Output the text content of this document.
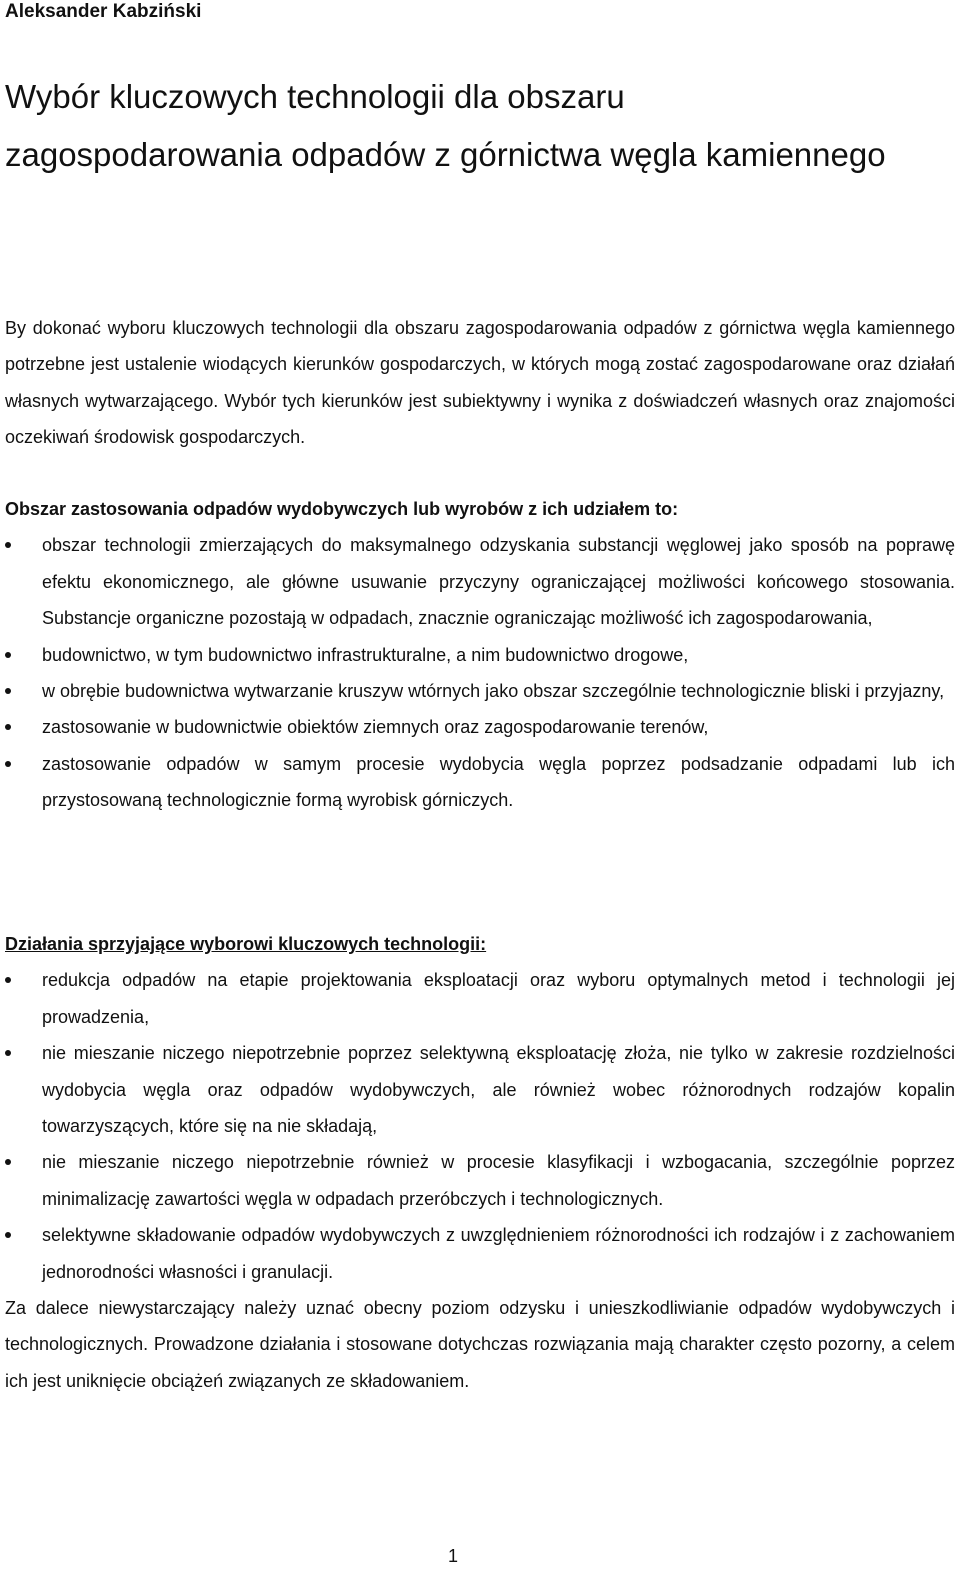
Aleksander Kabziński
Wybór kluczowych technologii dla obszaru zagospodarowania odpadów z górnictwa węgla kamiennego

By dokonać wyboru kluczowych technologii dla obszaru zagospodarowania odpadów z górnictwa węgla kamiennego potrzebne jest ustalenie wiodących kierunków gospodarczych, w których mogą zostać zagospodarowane oraz działań własnych wytwarzającego. Wybór tych kierunków jest subiektywny i wynika z doświadczeń własnych oraz znajomości oczekiwań środowisk gospodarczych.

Obszar zastosowania odpadów wydobywczych lub wyrobów z ich udziałem to:

obszar technologii zmierzających do maksymalnego odzyskania substancji węglowej jako sposób na poprawę efektu ekonomicznego, ale główne usuwanie przyczyny ograniczającej możliwości końcowego stosowania. Substancje organiczne pozostają w odpadach, znacznie ograniczając możliwość ich zagospodarowania,
budownictwo, w tym budownictwo infrastrukturalne, a nim budownictwo drogowe,
w obrębie budownictwa wytwarzanie kruszyw wtórnych jako obszar szczególnie technologicznie bliski i przyjazny,
zastosowanie w budownictwie obiektów ziemnych oraz zagospodarowanie terenów,
zastosowanie odpadów w samym procesie wydobycia węgla poprzez podsadzanie odpadami lub ich przystosowaną technologicznie formą wyrobisk górniczych.

Działania sprzyjające wyborowi kluczowych technologii:

redukcja odpadów na etapie projektowania eksploatacji oraz wyboru optymalnych metod i technologii jej prowadzenia,
nie mieszanie niczego niepotrzebnie poprzez selektywną eksploatację złoża, nie tylko w zakresie rozdzielności wydobycia węgla oraz odpadów wydobywczych, ale również wobec różnorodnych rodzajów kopalin towarzyszących, które się na nie składają,
nie mieszanie niczego niepotrzebnie również w procesie klasyfikacji i wzbogacania, szczególnie poprzez minimalizację zawartości węgla w odpadach przeróbczych i technologicznych.
selektywne składowanie odpadów wydobywczych z uwzględnieniem różnorodności ich rodzajów i z zachowaniem jednorodności własności i granulacji.

Za dalece niewystarczający należy uznać obecny poziom odzysku i unieszkodliwianie odpadów wydobywczych i technologicznych. Prowadzone działania i stosowane dotychczas rozwiązania mają charakter często pozorny, a celem ich jest uniknięcie obciążeń związanych ze składowaniem.

1
